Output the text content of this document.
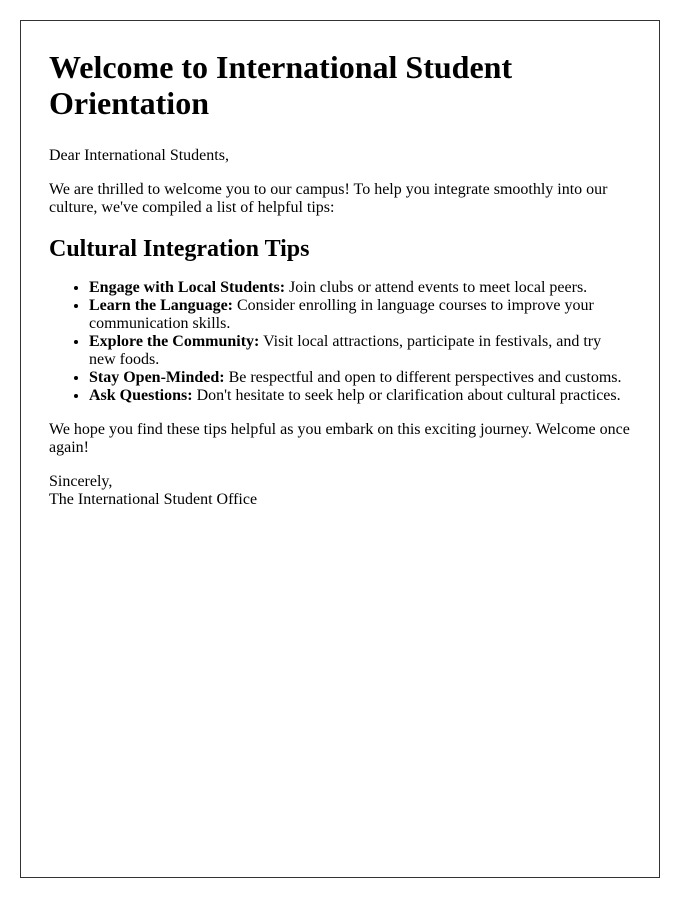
Welcome to International Student Orientation

Dear International Students,

We are thrilled to welcome you to our campus! To help you integrate smoothly into our culture, we've compiled a list of helpful tips:

Cultural Integration Tips
• Engage with Local Students: Join clubs or attend events to meet local peers.
• Learn the Language: Consider enrolling in language courses to improve your communication skills.
• Explore the Community: Visit local attractions, participate in festivals, and try new foods.
• Stay Open-Minded: Be respectful and open to different perspectives and customs.
• Ask Questions: Don't hesitate to seek help or clarification about cultural practices.

We hope you find these tips helpful as you embark on this exciting journey. Welcome once again!

Sincerely,
The International Student Office
